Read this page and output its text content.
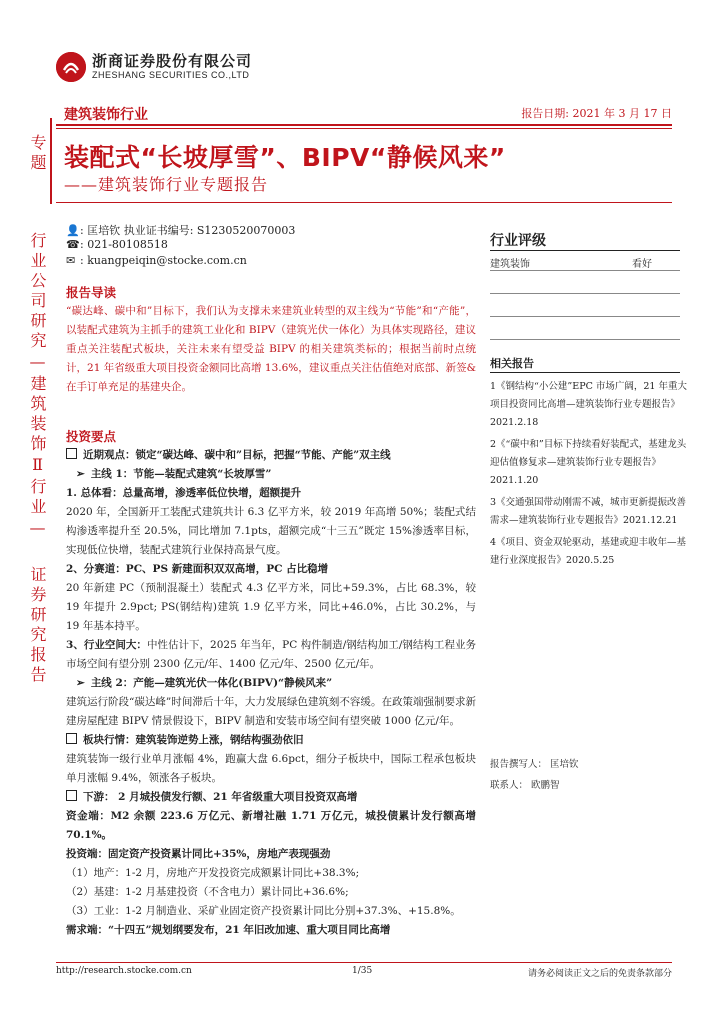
浙商证券股份有限公司
ZHESHANG SECURITIES CO.,LTD
建筑装饰行业	报告日期: 2021 年 3 月 17 日
专题
行业公司研究—建筑装饰Ⅱ行业—
证券研究报告
装配式“长坡厚雪”、BIPV“静候风来”
——建筑装饰行业专题报告
👤: 匡培钦 执业证书编号: S1230520070003
☎: 021-80108518
✉ : kuangpeiqin@stocke.com.cn
行业评级
建筑装饰	看好
相关报告
1《钢结构“小公建”EPC 市场广阔，21 年重大项目投资同比高增—建筑装饰行业专题报告》2021.2.18
2《“碳中和”目标下持续看好装配式，基建龙头迎估值修复求—建筑装饰行业专题报告》2021.1.20
3《交通强国带动刚需不减，城市更新提振改善需求—建筑装饰行业专题报告》2021.12.21
4《项目、资金双轮驱动，基建或迎丰收年—基建行业深度报告》2020.5.25
报告撰写人： 匡培钦
联系人： 欧鹏智
报告导读
“碳达峰、碳中和”目标下，我们认为支撑未来建筑业转型的双主线为“节能”和“产能”，以装配式建筑为主抓手的建筑工业化和 BIPV（建筑光伏一体化）为具体实现路径，建议重点关注装配式板块，关注未来有望受益 BIPV 的相关建筑类标的；根据当前时点统计，21 年省级重大项目投资金额同比高增 13.6%，建议重点关注估值绝对底部、新签&在手订单充足的基建央企。
投资要点
近期观点：锁定“碳达峰、碳中和”目标，把握“节能、产能”双主线
➢ 主线 1：节能—装配式建筑“长坡厚雪”
1. 总体看：总量高增，渗透率低位快增，超额提升
2020 年，全国新开工装配式建筑共计 6.3 亿平方米，较 2019 年高增 50%；装配式结构渗透率提升至 20.5%，同比增加 7.1pts，超额完成“十三五”既定 15%渗透率目标，实现低位快增，装配式建筑行业保持高景气度。
2、分赛道：PC、PS 新建面积双双高增，PC 占比稳增
20 年新建 PC（预制混凝土）装配式 4.3 亿平方米，同比+59.3%，占比 68.3%，较 19 年提升 2.9pct; PS(钢结构)建筑 1.9 亿平方米，同比+46.0%，占比 30.2%，与 19 年基本持平。
3、行业空间大：中性估计下，2025 年当年，PC 构件制造/钢结构加工/钢结构工程业务市场空间有望分别 2300 亿元/年、1400 亿元/年、2500 亿元/年。
➢ 主线 2：产能—建筑光伏一体化(BIPV)“静候风来”
建筑运行阶段“碳达峰”时间滞后十年，大力发展绿色建筑刻不容缓。在政策端强制要求新建房屋配建 BIPV 情景假设下，BIPV 制造和安装市场空间有望突破 1000 亿元/年。
板块行情：建筑装饰逆势上涨，钢结构强劲依旧
建筑装饰一级行业单月涨幅 4%，跑赢大盘 6.6pct，细分子板块中，国际工程承包板块单月涨幅 9.4%，领涨各子板块。
下游： 2 月城投债发行额、21 年省级重大项目投资双高增
资金端：M2 余额 223.6 万亿元、新增社融 1.71 万亿元，城投债累计发行额高增 70.1%。
投资端：固定资产投资累计同比+35%，房地产表现强劲
（1）地产：1-2 月，房地产开发投资完成额累计同比+38.3%;
（2）基建：1-2 月基建投资（不含电力）累计同比+36.6%;
（3）工业：1-2 月制造业、采矿业固定资产投资累计同比分别+37.3%、+15.8%。
需求端：“十四五”规划纲要发布，21 年旧改加速、重大项目同比高增
http://research.stocke.com.cn	1/35	请务必阅读正文之后的免责条款部分
